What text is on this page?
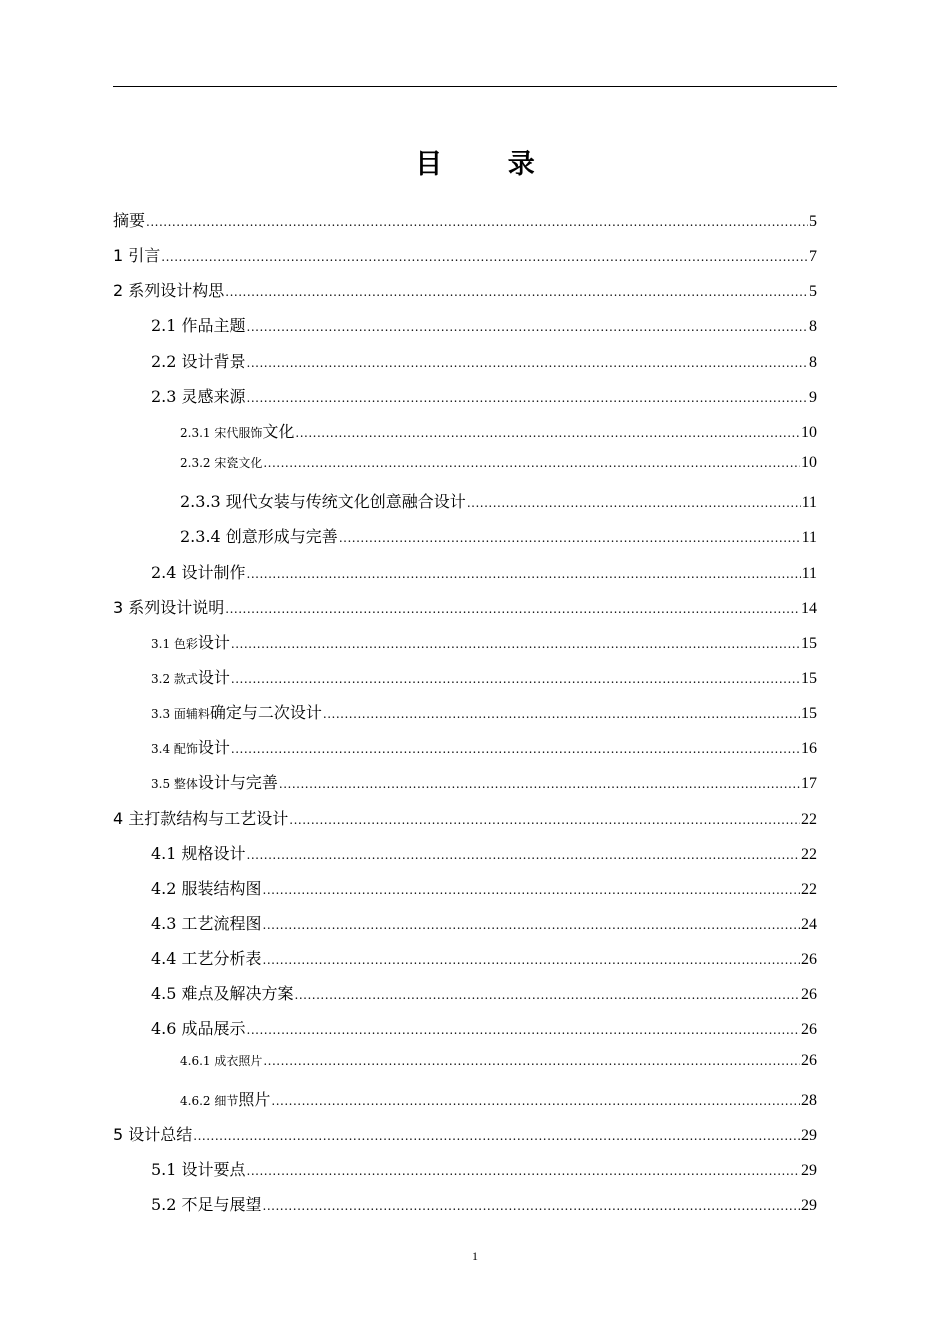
目 录
摘要 .....	5
1 引言 .....	7
2 系列设计构思 .....	5
2.1 作品主题 .....	8
2.2 设计背景 .....	8
2.3 灵感来源 .....	9
2.3.1 宋代服饰文化 .....	10
2.3.2 宋瓷文化 .....	10
2.3.3 现代女装与传统文化创意融合设计 .....	11
2.3.4 创意形成与完善 .....	11
2.4 设计制作 .....	11
3 系列设计说明 .....	14
3.1 色彩设计 .....	15
3.2 款式设计 .....	15
3.3 面辅料确定与二次设计 .....	15
3.4 配饰设计 .....	16
3.5 整体设计与完善 .....	17
4 主打款结构与工艺设计 .....	22
4.1 规格设计 .....	22
4.2 服装结构图 .....	22
4.3 工艺流程图 .....	24
4.4 工艺分析表 .....	26
4.5 难点及解决方案 .....	26
4.6 成品展示 .....	26
4.6.1 成衣照片 .....	26
4.6.2 细节照片 .....	28
5 设计总结 .....	29
5.1 设计要点 .....	29
5.2 不足与展望 .....	29
1
